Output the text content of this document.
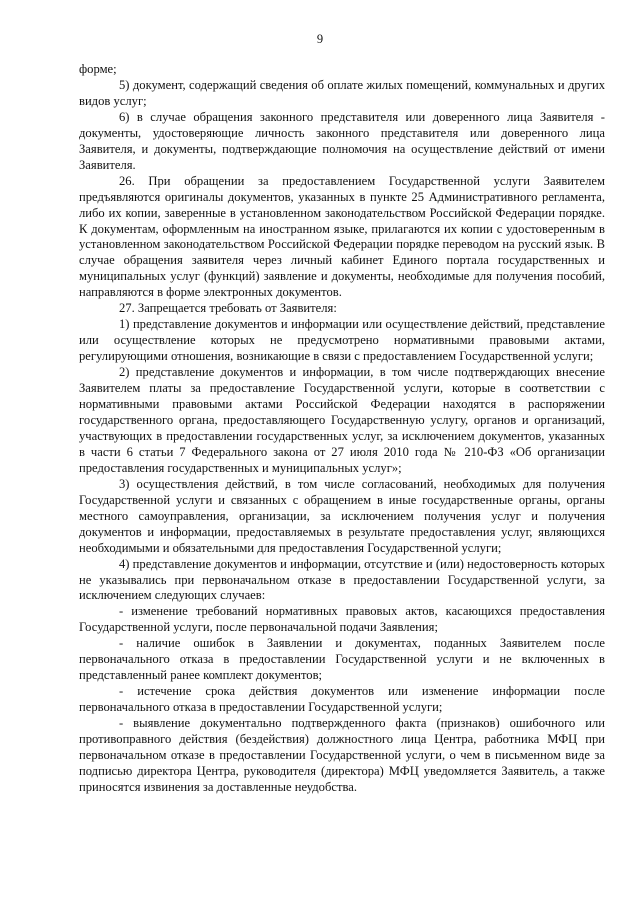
9

форме;

5) документ, содержащий сведения об оплате жилых помещений, коммунальных и других видов услуг;

6) в случае обращения законного представителя или доверенного лица Заявителя - документы, удостоверяющие личность законного представителя или доверенного лица Заявителя, и документы, подтверждающие полномочия на осуществление действий от имени Заявителя.

26. При обращении за предоставлением Государственной услуги Заявителем предъявляются оригиналы документов, указанных в пункте 25 Административного регламента, либо их копии, заверенные в установленном законодательством Российской Федерации порядке. К документам, оформленным на иностранном языке, прилагаются их копии с удостоверенным в установленном законодательством Российской Федерации порядке переводом на русский язык. В случае обращения заявителя через личный кабинет Единого портала государственных и муниципальных услуг (функций) заявление и документы, необходимые для получения пособий, направляются в форме электронных документов.

27. Запрещается требовать от Заявителя:

1) представление документов и информации или осуществление действий, представление или осуществление которых не предусмотрено нормативными правовыми актами, регулирующими отношения, возникающие в связи с предоставлением Государственной услуги;

2) представление документов и информации, в том числе подтверждающих внесение Заявителем платы за предоставление Государственной услуги, которые в соответствии с нормативными правовыми актами Российской Федерации находятся в распоряжении государственного органа, предоставляющего Государственную услугу, органов и организаций, участвующих в предоставлении государственных услуг, за исключением документов, указанных в части 6 статьи 7 Федерального закона от 27 июля 2010 года № 210-ФЗ «Об организации предоставления государственных и муниципальных услуг»;

3) осуществления действий, в том числе согласований, необходимых для получения Государственной услуги и связанных с обращением в иные государственные органы, органы местного самоуправления, организации, за исключением получения услуг и получения документов и информации, предоставляемых в результате предоставления услуг, являющихся необходимыми и обязательными для предоставления Государственной услуги;

4) представление документов и информации, отсутствие и (или) недостоверность которых не указывались при первоначальном отказе в предоставлении Государственной услуги, за исключением следующих случаев:

- изменение требований нормативных правовых актов, касающихся предоставления Государственной услуги, после первоначальной подачи Заявления;

- наличие ошибок в Заявлении и документах, поданных Заявителем после первоначального отказа в предоставлении Государственной услуги и не включенных в представленный ранее комплект документов;

- истечение срока действия документов или изменение информации после первоначального отказа в предоставлении Государственной услуги;

- выявление документально подтвержденного факта (признаков) ошибочного или противоправного действия (бездействия) должностного лица Центра, работника МФЦ при первоначальном отказе в предоставлении Государственной услуги, о чем в письменном виде за подписью директора Центра, руководителя (директора) МФЦ уведомляется Заявитель, а также приносятся извинения за доставленные неудобства.
